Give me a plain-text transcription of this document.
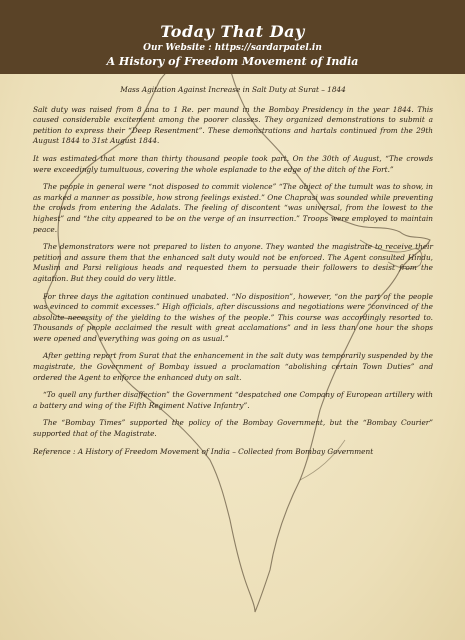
Today That Day
Our Website : https://sardarpatel.in
A History of Freedom Movement of India
Mass Agitation Against Increase in Salt Duty at Surat – 1844

Salt duty was raised from 8 ana to 1 Re. per maund in the Bombay Presidency in the year 1844. This caused considerable excitement among the poorer classes. They organized demonstrations to submit a petition to express their “Deep Resentment”. These demonstrations and hartals continued from the 29th August 1844 to 31st August 1844.

It was estimated that more than thirty thousand people took part. On the 30th of August, “The crowds were exceedingly tumultuous, covering the whole esplanade to the edge of the ditch of the Fort.”

The people in general were “not disposed to commit violence” “The object of the tumult was to show, in as marked a manner as possible, how strong feelings existed.” One Chaprasi was sounded while preventing the crowds from entering the Adalats. The feeling of discontent “was universal, from the lowest to the highest” and “the city appeared to be on the verge of an insurrection.” Troops were employed to maintain peace.

The demonstrators were not prepared to listen to anyone. They wanted the magistrate to receive their petition and assure them that the enhanced salt duty would not be enforced. The Agent consulted Hindu, Muslim and Parsi religious heads and requested them to persuade their followers to desist from the agitation. But they could do very little.

For three days the agitation continued unabated. “No disposition”, however, “on the part of the people was evinced to commit excesses.” High officials, after discussions and negotiations were “convinced of the absolute necessity of the yielding to the wishes of the people.” This course was accordingly resorted to. Thousands of people acclaimed the result with great acclamations” and in less than one hour the shops were opened and everything was going on as usual.”

After getting report from Surat that the enhancement in the salt duty was temporarily suspended by the magistrate, the Government of Bombay issued a proclamation “abolishing certain Town Duties” and ordered the Agent to enforce the enhanced duty on salt.

“To quell any further disaffection” the Government “despatched one Company of European artillery with a battery and wing of the Fifth Regiment Native Infantry”.

The “Bombay Times” supported the policy of the Bombay Government, but the “Bombay Courier” supported that of the Magistrate.

Reference : A History of Freedom Movement of India – Collected from Bombay Government
